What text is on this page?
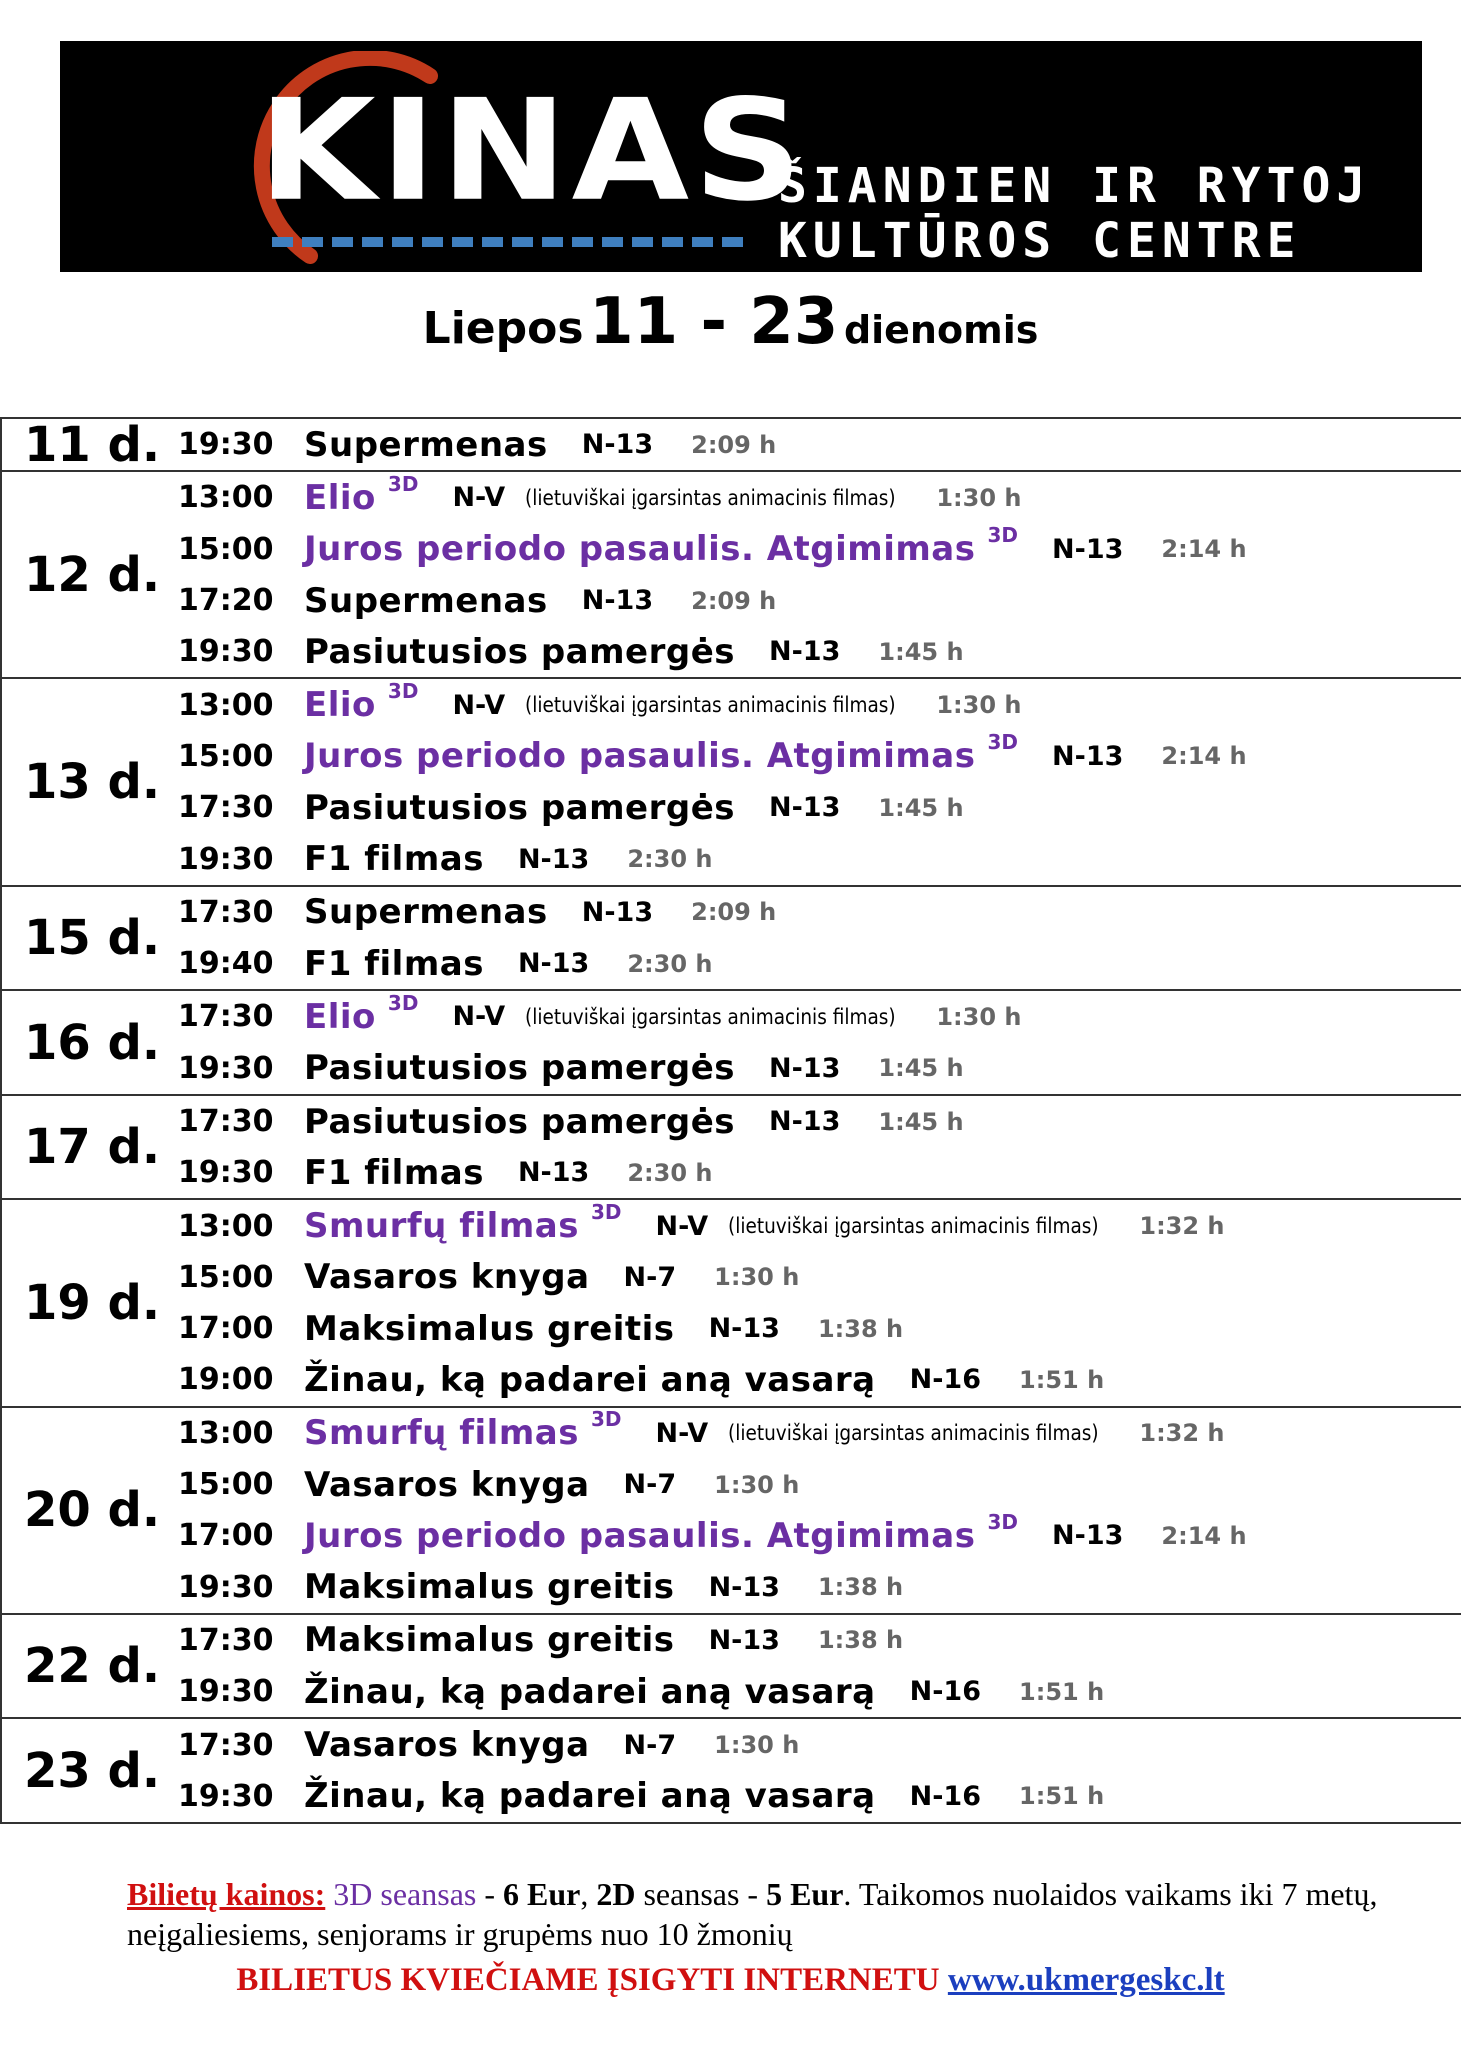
KINAS
ŠIANDIEN IR RYTOJ
KULTŪROS CENTRE
Liepos 11 - 23 dienomis
11 d. 19:30 Supermenas N-13 2:09 h
12 d.
13:00 Elio 3D N-V (lietuviškai įgarsintas animacinis filmas) 1:30 h
15:00 Juros periodo pasaulis. Atgimimas 3D N-13 2:14 h
17:20 Supermenas N-13 2:09 h
19:30 Pasiutusios pamergės N-13 1:45 h
13 d.
13:00 Elio 3D N-V (lietuviškai įgarsintas animacinis filmas) 1:30 h
15:00 Juros periodo pasaulis. Atgimimas 3D N-13 2:14 h
17:30 Pasiutusios pamergės N-13 1:45 h
19:30 F1 filmas N-13 2:30 h
15 d. 17:30 Supermenas N-13 2:09 h
19:40 F1 filmas N-13 2:30 h
16 d. 17:30 Elio 3D N-V (lietuviškai įgarsintas animacinis filmas) 1:30 h
19:30 Pasiutusios pamergės N-13 1:45 h
17 d. 17:30 Pasiutusios pamergės N-13 1:45 h
19:30 F1 filmas N-13 2:30 h
19 d.
13:00 Smurfų filmas 3D N-V (lietuviškai įgarsintas animacinis filmas) 1:32 h
15:00 Vasaros knyga N-7 1:30 h
17:00 Maksimalus greitis N-13 1:38 h
19:00 Žinau, ką padarei aną vasarą N-16 1:51 h
20 d.
13:00 Smurfų filmas 3D N-V (lietuviškai įgarsintas animacinis filmas) 1:32 h
15:00 Vasaros knyga N-7 1:30 h
17:00 Juros periodo pasaulis. Atgimimas 3D N-13 2:14 h
19:30 Maksimalus greitis N-13 1:38 h
22 d. 17:30 Maksimalus greitis N-13 1:38 h
19:30 Žinau, ką padarei aną vasarą N-16 1:51 h
23 d. 17:30 Vasaros knyga N-7 1:30 h
19:30 Žinau, ką padarei aną vasarą N-16 1:51 h
Bilietų kainos: 3D seansas - 6 Eur, 2D seansas - 5 Eur. Taikomos nuolaidos vaikams iki 7 metų, neįgaliesiems, senjorams ir grupėms nuo 10 žmonių
BILIETUS KVIEČIAME ĮSIGYTI INTERNETU www.ukmergeskc.lt
